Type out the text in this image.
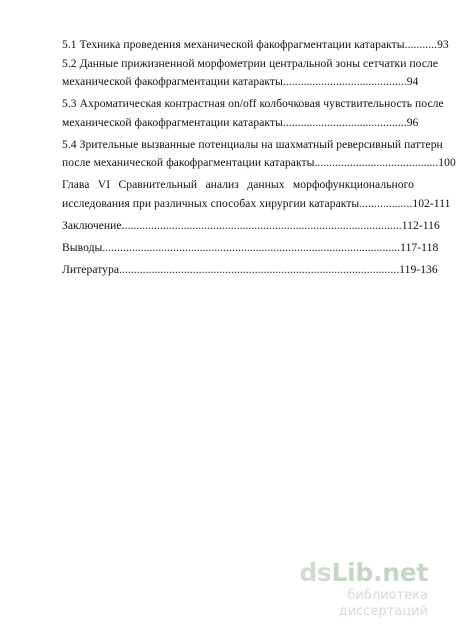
5.1 Техника проведения механической факофрагментации катаракты...........93
5.2 Данные прижизненной морфометрии центральной зоны сетчатки после
механической факофрагментации катаракты..........................................94
5.3 Ахроматическая контрастная on/off колбочковая чувствительность после
механической факофрагментации катаракты..........................................96
5.4 Зрительные вызванные потенциалы на шахматный реверсивный паттерн
после механической факофрагментации катаракты..........................................100
Глава VI Сравнительный анализ данных морфофункционального
исследования при различных способах хирургии катаракты..................102-111
Заключение...............................................................................................112-116
Выводы.....................................................................................................117-118
Литература...............................................................................................119-136
dsLib.net
библиотека диссертаций
